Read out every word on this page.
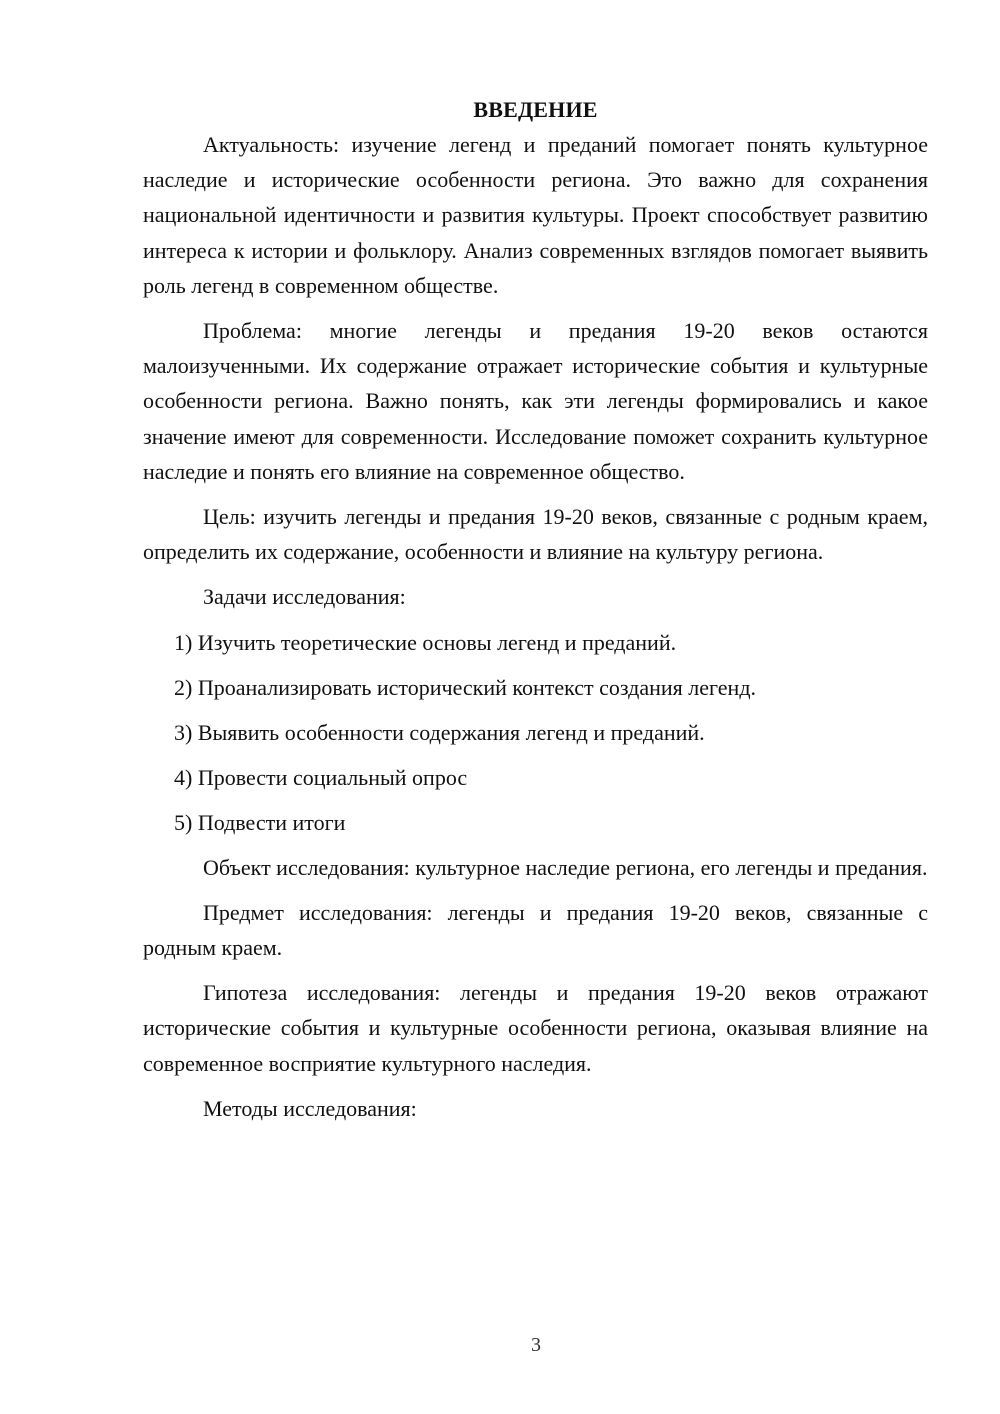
ВВЕДЕНИЕ

Актуальность: изучение легенд и преданий помогает понять культурное наследие и исторические особенности региона. Это важно для сохранения национальной идентичности и развития культуры. Проект способствует развитию интереса к истории и фольклору. Анализ современных взглядов помогает выявить роль легенд в современном обществе.

Проблема: многие легенды и предания 19-20 веков остаются малоизученными. Их содержание отражает исторические события и культурные особенности региона. Важно понять, как эти легенды формировались и какое значение имеют для современности. Исследование поможет сохранить культурное наследие и понять его влияние на современное общество.

Цель: изучить легенды и предания 19-20 веков, связанные с родным краем, определить их содержание, особенности и влияние на культуру региона.

Задачи исследования:

1) Изучить теоретические основы легенд и преданий.
2) Проанализировать исторический контекст создания легенд.
3) Выявить особенности содержания легенд и преданий.
4) Провести социальный опрос
5) Подвести итоги

Объект исследования: культурное наследие региона, его легенды и предания.

Предмет исследования: легенды и предания 19-20 веков, связанные с родным краем.

Гипотеза исследования: легенды и предания 19-20 веков отражают исторические события и культурные особенности региона, оказывая влияние на современное восприятие культурного наследия.

Методы исследования:

3
